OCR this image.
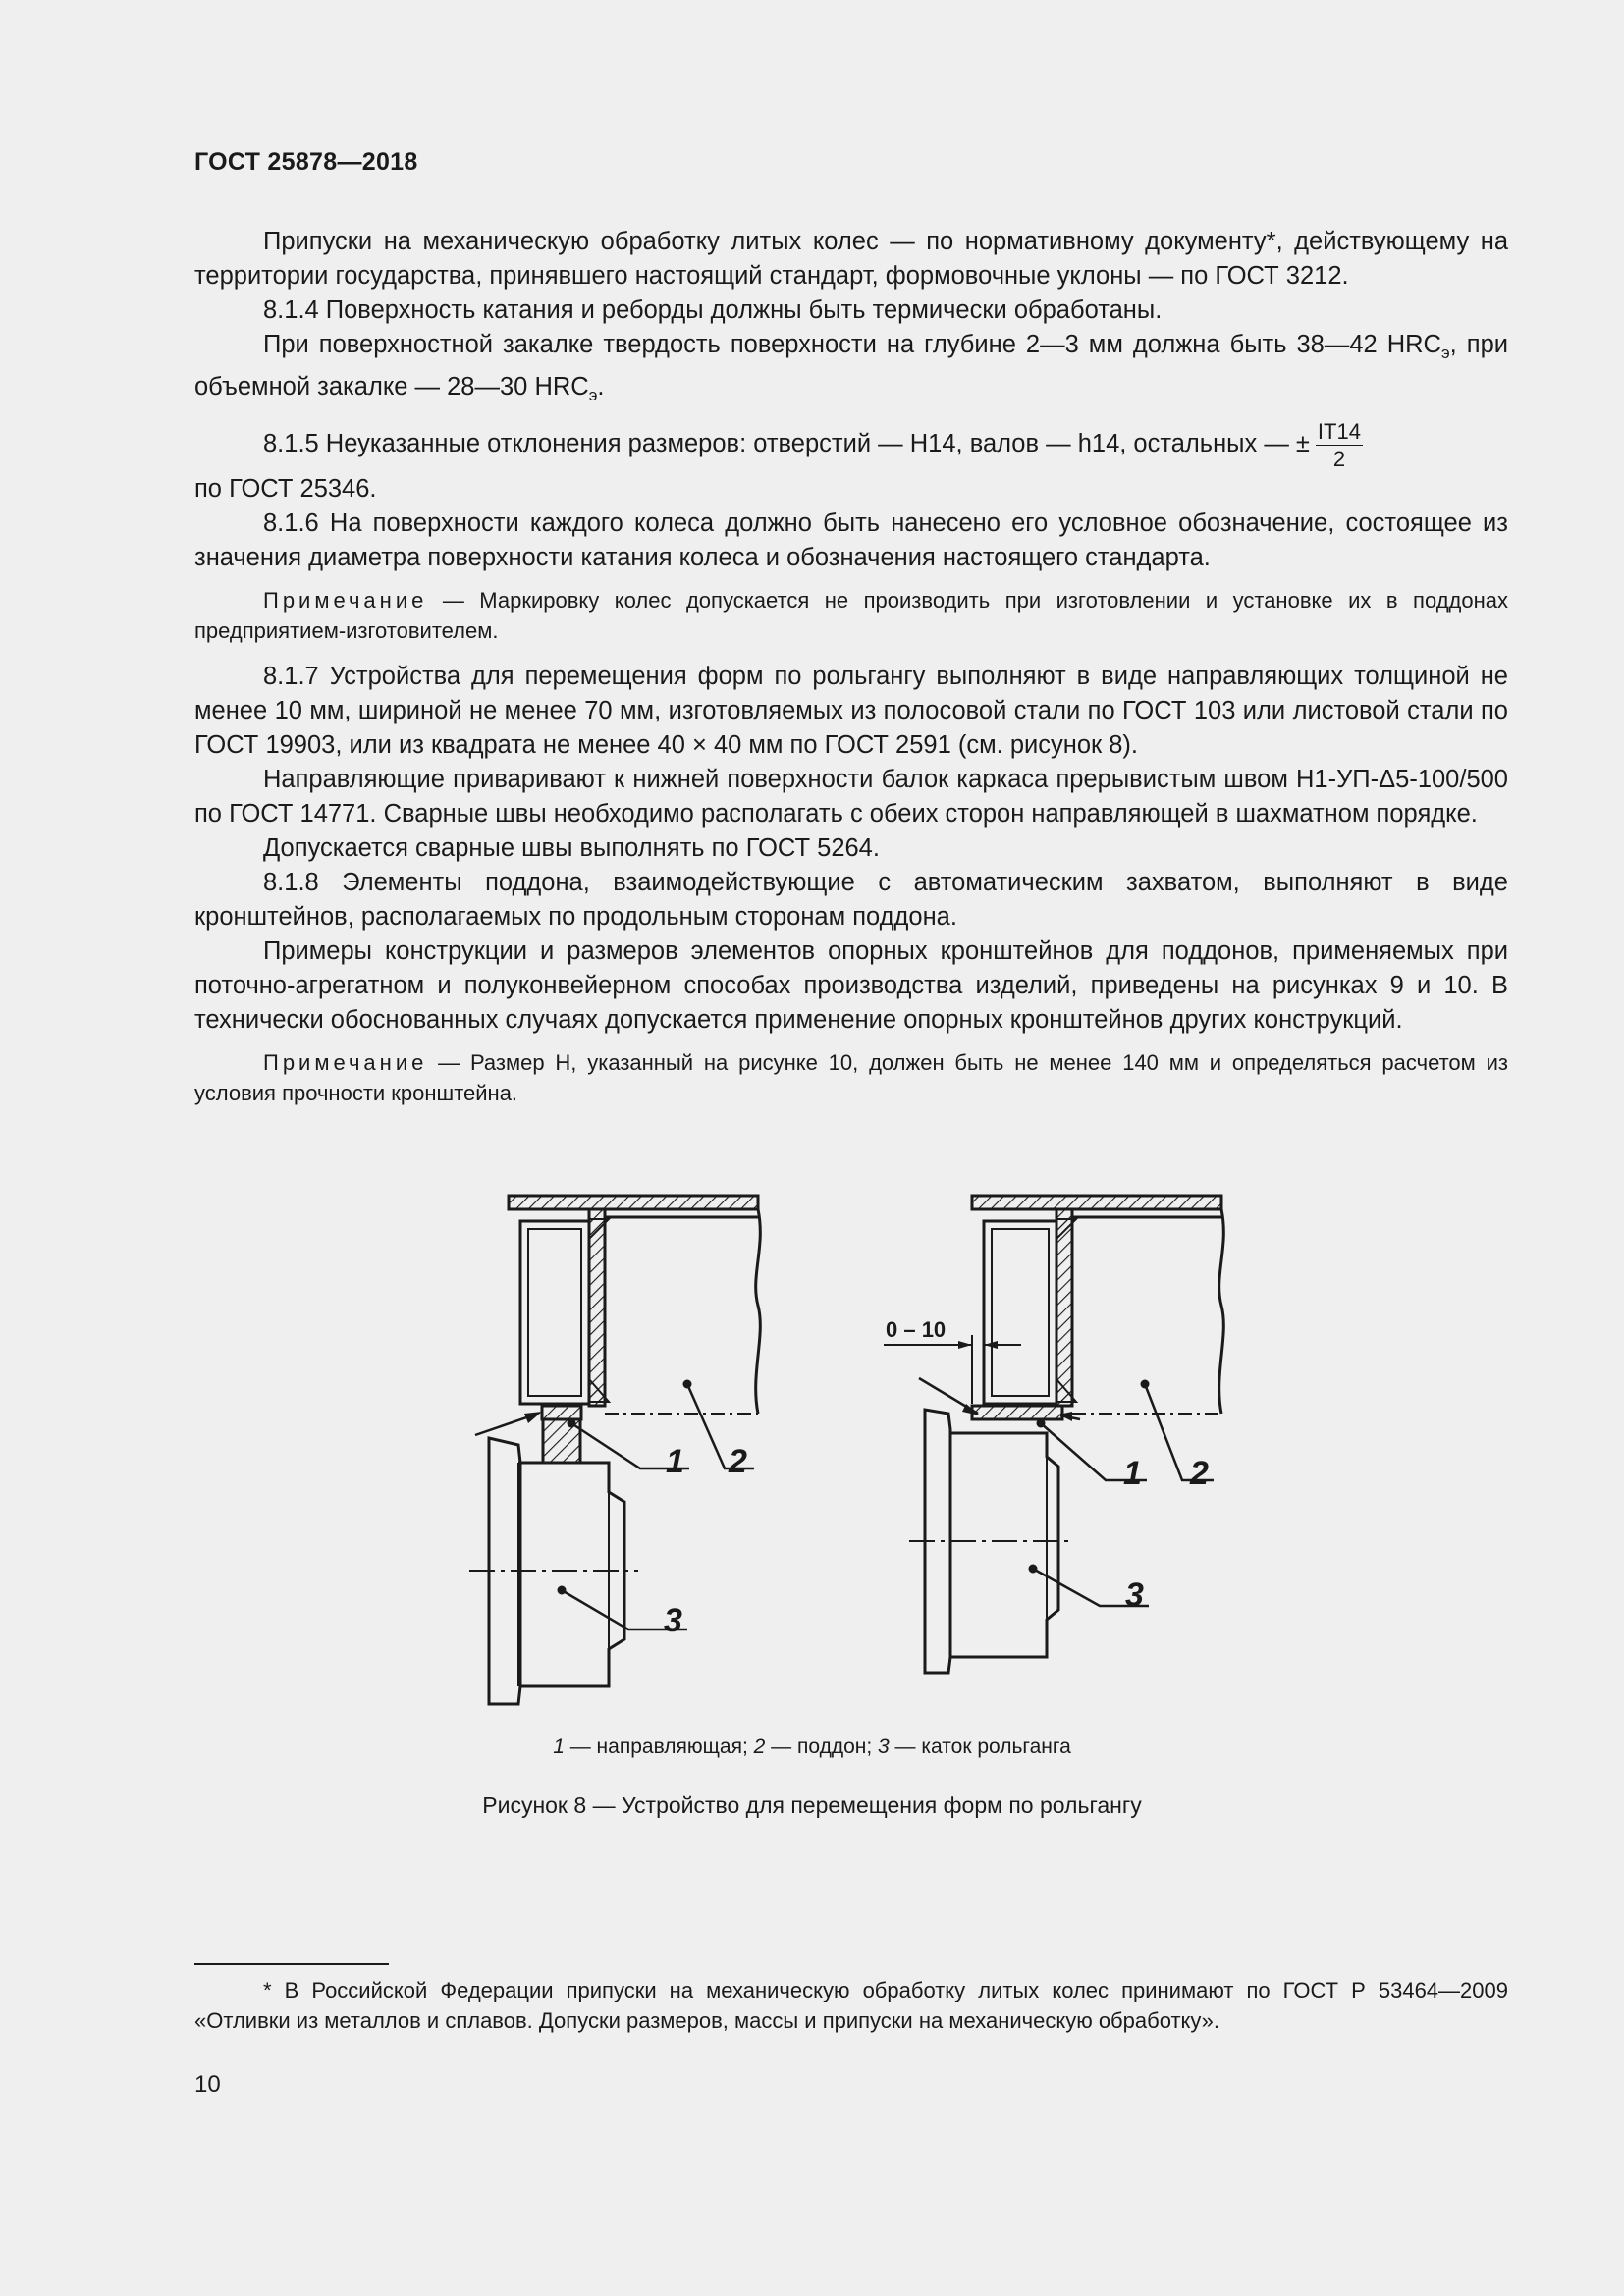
ГОСТ 25878—2018

Припуски на механическую обработку литых колес — по нормативному документу*, действующему на территории государства, принявшего настоящий стандарт, формовочные уклоны — по ГОСТ 3212.

8.1.4 Поверхность катания и реборды должны быть термически обработаны.

При поверхностной закалке твердость поверхности на глубине 2—3 мм должна быть 38—42 $HRC_э$, при объемной закалке — 28—30 $HRC_э$.

8.1.5 Неуказанные отклонения размеров: отверстий — Н14, валов — h14, остальных — ± $\frac{IT14}{2}$

по ГОСТ 25346.

8.1.6 На поверхности каждого колеса должно быть нанесено его условное обозначение, состоящее из значения диаметра поверхности катания колеса и обозначения настоящего стандарта.

Примечание — Маркировку колес допускается не производить при изготовлении и установке их в поддонах предприятием-изготовителем.

8.1.7 Устройства для перемещения форм по рольгангу выполняют в виде направляющих толщиной не менее 10 мм, шириной не менее 70 мм, изготовляемых из полосовой стали по ГОСТ 103 или листовой стали по ГОСТ 19903, или из квадрата не менее 40 × 40 мм по ГОСТ 2591 (см. рисунок 8).

Направляющие приваривают к нижней поверхности балок каркаса прерывистым швом Н1-УП-Δ5-100/500 по ГОСТ 14771. Сварные швы необходимо располагать с обеих сторон направляющей в шахматном порядке.

Допускается сварные швы выполнять по ГОСТ 5264.

8.1.8 Элементы поддона, взаимодействующие с автоматическим захватом, выполняют в виде кронштейнов, располагаемых по продольным сторонам поддона.

Примеры конструкции и размеров элементов опорных кронштейнов для поддонов, применяемых при поточно-агрегатном и полуконвейерном способах производства изделий, приведены на рисунках 9 и 10. В технически обоснованных случаях допускается применение опорных кронштейнов других конструкций.

Примечание — Размер Н, указанный на рисунке 10, должен быть не менее 140 мм и определяться расчетом из условия прочности кронштейна.

1 2
3
1 2
3
0 – 10
1 — направляющая; 2 — поддон; 3 — каток рольганга
Рисунок 8 — Устройство для перемещения форм по рольгангу

* В Российской Федерации припуски на механическую обработку литых колес принимают по ГОСТ Р 53464—2009 «Отливки из металлов и сплавов. Допуски размеров, массы и припуски на механическую обработку».

10
